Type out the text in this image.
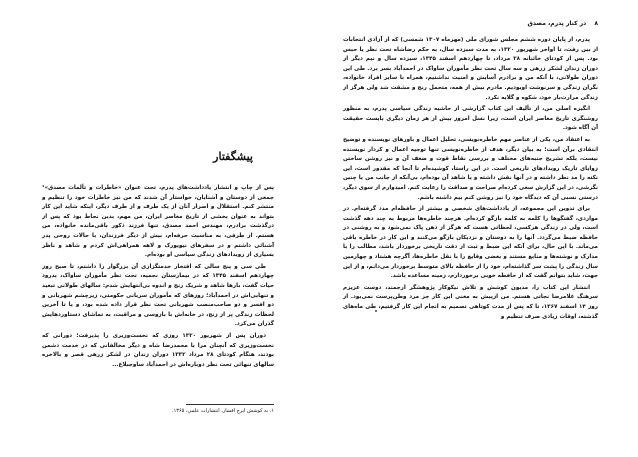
پیشگفتار

پس از چاپ و انتشار یادداشت‌های پدرم، تحت عنوان «خاطرات و تألمات مصدق»¹ جمعی از دوستان و آشنایان، خواستار آن شدند که من نیز خاطرات خود را تنظیم و منتشر کنم. استقلال و اصرار آنان از یک طرف و از طرف دیگر، اینکه شاید این کار بتواند به عنوان بخشی از تاریخ معاصر ایران، من مهم، بدین نحاط بود که پس از درگذشت برادرم، مهندس احمد مصدق، تنها فرزند ذکور باقی‌مانده خانواده، من هستم. از طرفی، به مناسبت حرفه‌ام، بیش از دیگر فرزندان، با حالات روحی پدر آشنائی داشتم و در سفرهای نیویورک و لاهه همراهی‌اش کردم و شاهد و ناظر بسیاری از رویدادهای زندگی سیاسی او بوده‌ام.

طی سی و پنج سالی که افتخار خدمتگزاری آن بزرگوار را داشتم، تا صبح روز چهاردهم اسفند ۱۳۴۵ که در بیمارستان نجمیه، تحت نظر مأموران ساواک، بدرود حیات گفت، بارها شاهد و شریک رنج و اندوه بی‌انتهایش شدم: سالهای طولانی تبعید و تنهایی‌اش در احمدآباد؛ روزهای که مأموران سربانی حکومتی، زیرچشم شهربانی و دو افسر و دو صاحب‌منصب شهربانی تحت نظر قرار داده شده بود، و یا تا آخرین لحظات زندگی پر از زنج، در خانه‌اش با بازوسی و مراقبت، به تماشای دستاوردهایش گذران می‌کرد.

دوران پس از شهریور ۱۳۲۰ روزی که نخست‌وزیری را پذیرفت؛ دورانی که نخست‌وزیری که آنچنان مرا با محمدرضا شاه و دیگر مخالفانی که در خدمت دشمن بودند، هنگام کودتای ۲۸ مرداد ۱۳۳۲ دوران زندان در لشکر زرهی قصر و بالاخره سالهای تنهائی تحت نظر دوباره‌اش در احمدآباد ساوجبلاغ...

۱. به کوشش ایرج افشار، انتشارات علمی، ۱۳۶۵.
۸ در کنار پدرم، مصدق

پدرم، از پایان دوره ششم مجلس شورای ملی (مهرماه ۱۳۰۷ شمسی) که از آزادی انتخابات از بین رفت، تا اواخر شهریور ۱۳۲۰، به مدت سیزده سال، به حکم رضاشاه تحت نظر یا حبس بود. پس از کودتای خائنانه ۲۸ مرداد، تا چهاردهم اسفند ۱۳۴۵، سیزده سال و نیم دیگر از دوران زندان لشکر زرهی و سه سال تحت نظر مأموران ساواک در احمدآباد بسر برد. طی این دوران طولانی، با آنکه من و برادرم آسایش و امنیت نداشتیم، همراه با سایر افراد خانواده، نگران زندگی و سرنوشت اوبودیم. مادرم بیش از همه، متحمل رنج و مشقت شد ولی هرگز از زندگی مرارت‌بار خود، شکوه و گلایه نکرد.

انگیزه اصلی من، از تألیف این کتاب گزارشی از حاشیه زندگی سیاسی پدرم، به منظور روشنگری تاریخ معاصر ایران است، زیرا نسل امروز بیش از هر زمان دیگری بایست حقیقت آن آگاه شود.

به اعتقاد من، یکی از عناصر مهم خاطره‌نویسی، تحلیل اعمال و باورهای نویسنده و توضیح انتقادی برآن است؛ به بیان دیگر، هدف از خاطره‌نویسی تنها توجیه اعمال و کردار نویسنده نیست، بلکه تشریح جنبه‌های مختلف و بررسی نقاط قوت و ضعف آن و نیز روشن ساختن زوایای تاریک رویدادهای تاریخی است. در این راستا، کوشیده‌ام تا آنجا که مقدور است، این نکته را مد نظر داشته و در آنها نقش داشته و یا شاهد آن بوده‌ام، بی‌آنکه از جانب من یا چنین نگرشی، در این گزارش سعی کرده‌ام صراحت و صداقت را رعایت کنم. امیدوارم از سوی دیگر، درستی نسبی آن که دیدگاه خود را نیز روشن کنم بیم داشته باشم.

برای تدوین این مجموعه، از یادداشت‌های شخصی و بیشتر از حافظه‌ام مدد گرفته‌ام. در مواردی، گفتگوها را کلمه به کلمه بازگو کرده‌ام. هرچند خاطره‌ها مربوط به چند دهه گذشت است، ولی در زندگی هرکسی، لحظاتی هست که هرگز از ذهن پاک نمی‌شود و به روشنی در حافظه ضبط می‌گردد. آنها را به دوستان و نزدیکان بازگو می‌کنند و این کار در خاطره باقی می‌ماند. با این حال، برای آنکه این ضبط و ثبت از دقت تاریخی برخوردار باشد، مطالب را با مدارک و نوشته‌ها و منابع مستند و بعضی وقایع را با نقل خاطره‌ها، آگرچه هشتاد و چهارمین سال زندگی را پشت سر گذاشته‌ام، خود را از حافظه بالای متوسط برخوردار می‌دانم، و از این جهت، شاید بتوانم گفت که از حافظه خوبی برخوردارم، زمینه مساعده باشد.

انتشار این کتاب را، مدیون کوشش و تلاش نیکوکار پژوهشگر ارجمند، دوست عزیزم سرهنگ غلامرضا نجاتی هستم. من ازپیش به معنی این کار جز مرد وطن‌پرست نمی‌بود. از روز ۱۴ اسفند ۱۳۶۷، تا که پس از مدت کوتاهی تصمیم به انجام این کار گرفتیم، طی ماه‌های گذشته، اوقات زیادی صرف تنظیم و
